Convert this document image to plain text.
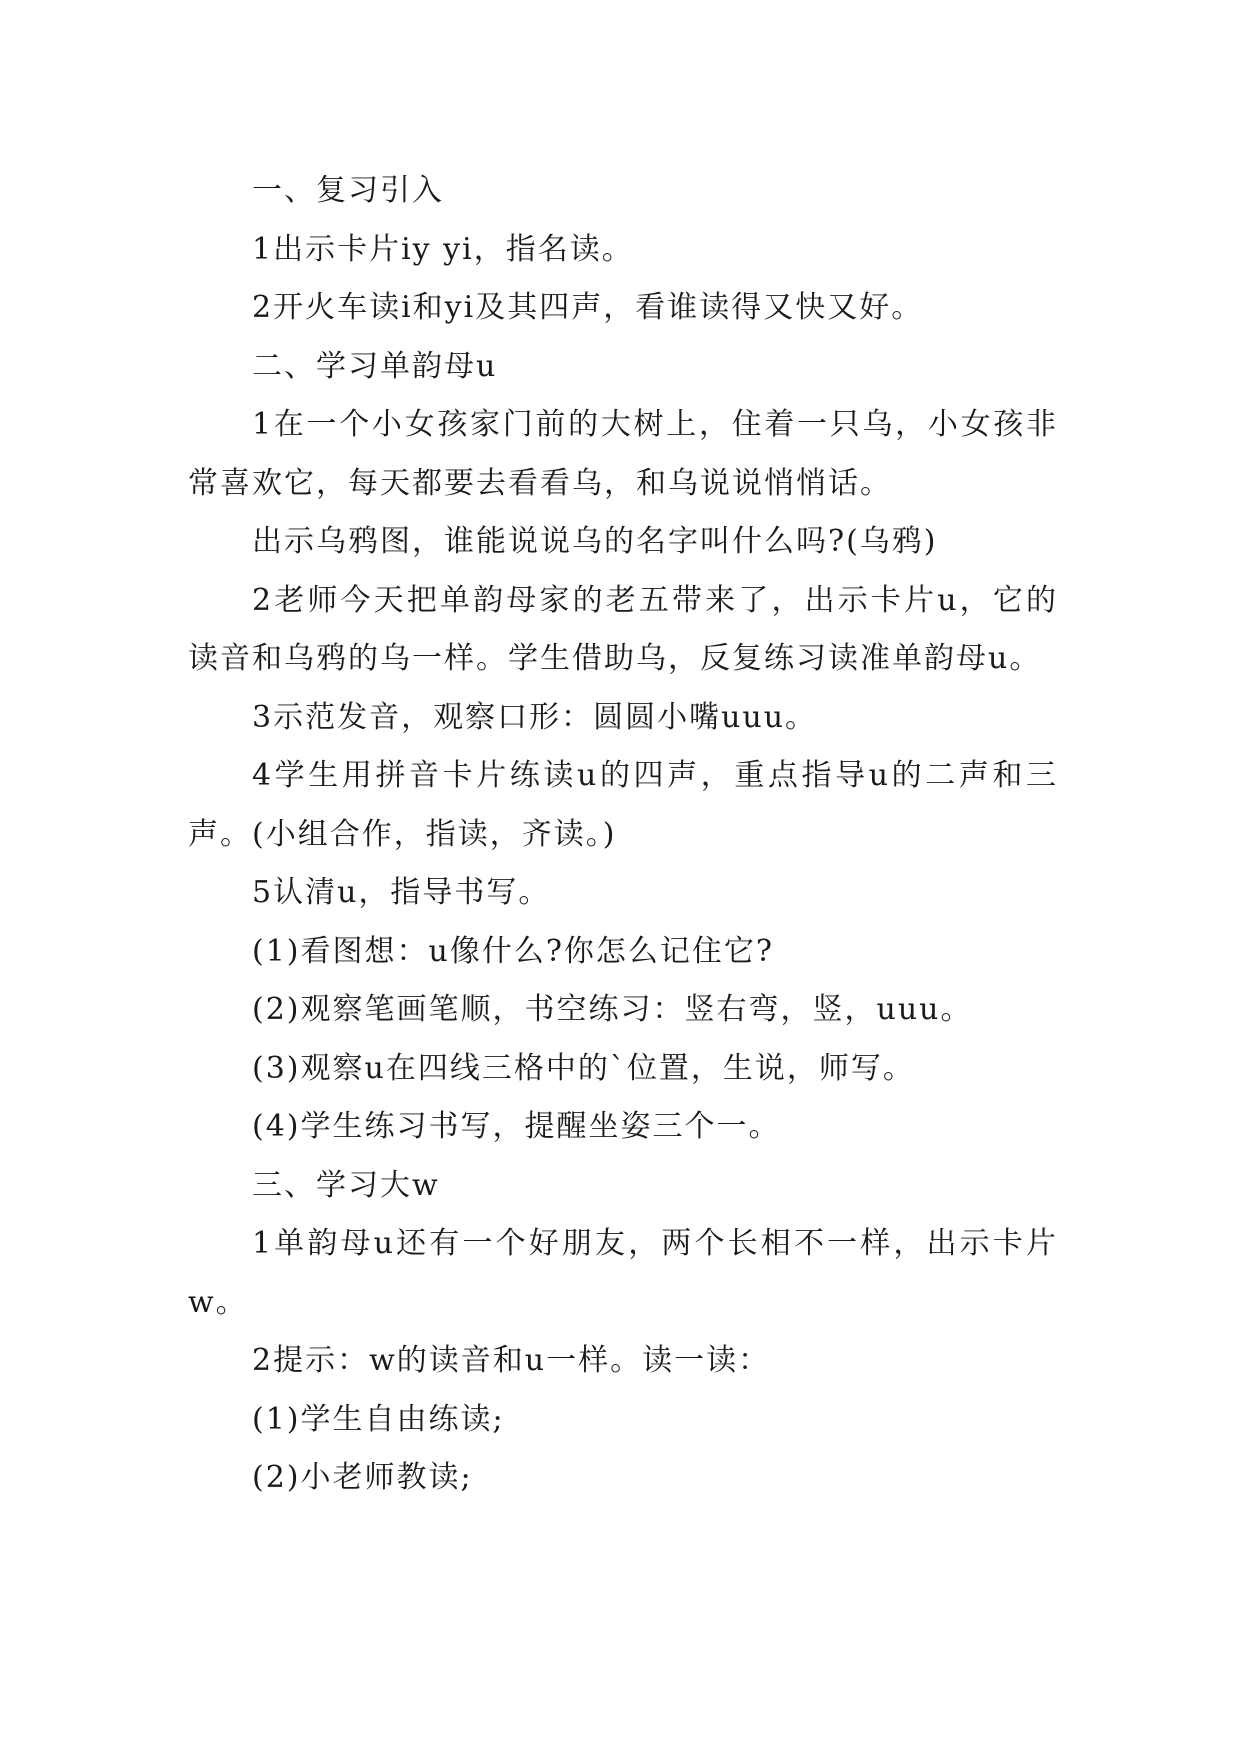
一、复习引入

1出示卡片iy yi，指名读。

2开火车读i和yi及其四声，看谁读得又快又好。

二、学习单韵母u

1在一个小女孩家门前的大树上，住着一只乌，小女孩非常喜欢它，每天都要去看看乌，和乌说说悄悄话。

出示乌鸦图，谁能说说乌的名字叫什么吗?(乌鸦)

2老师今天把单韵母家的老五带来了，出示卡片u，它的读音和乌鸦的乌一样。学生借助乌，反复练习读准单韵母u。

3示范发音，观察口形：圆圆小嘴uuu。

4学生用拼音卡片练读u的四声，重点指导u的二声和三声。(小组合作，指读，齐读。)

5认清u，指导书写。

(1)看图想：u像什么?你怎么记住它?

(2)观察笔画笔顺，书空练习：竖右弯，竖，uuu。

(3)观察u在四线三格中的`位置，生说，师写。

(4)学生练习书写，提醒坐姿三个一。

三、学习大w

1单韵母u还有一个好朋友，两个长相不一样，出示卡片w。

2提示：w的读音和u一样。读一读：

(1)学生自由练读;

(2)小老师教读;
